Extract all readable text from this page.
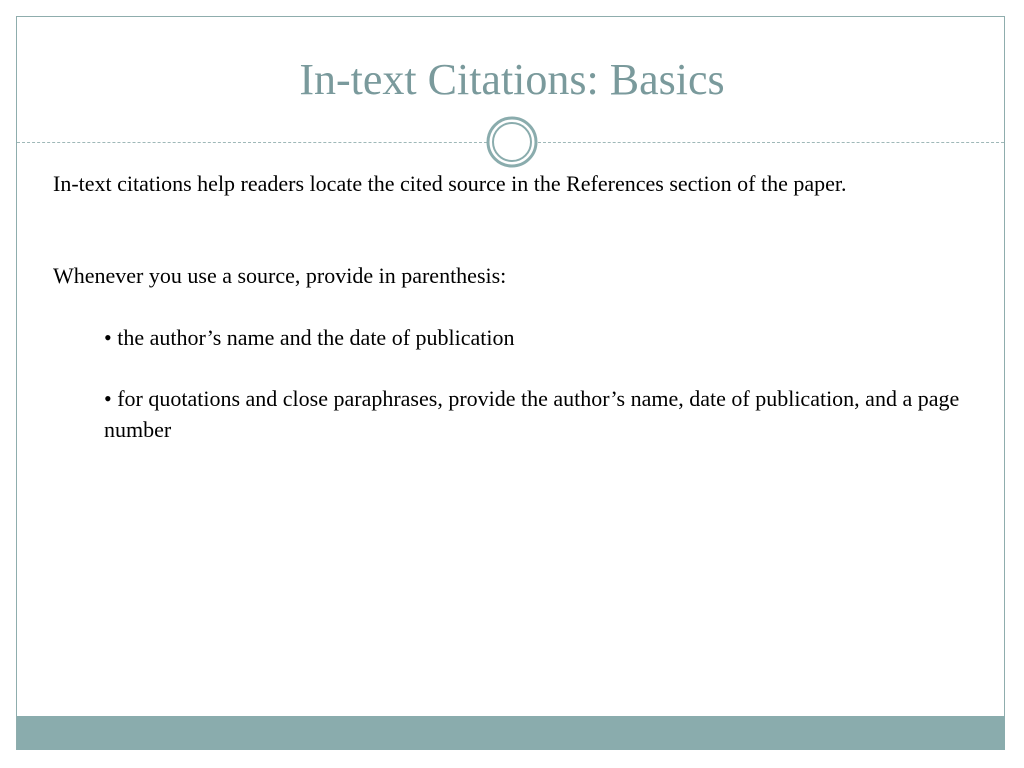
In-text Citations: Basics
In-text citations help readers locate the cited source in the References section of the paper.
Whenever you use a source, provide in parenthesis:
• the author’s name and the date of publication
• for quotations and close paraphrases, provide the author’s name, date of publication, and a page number
